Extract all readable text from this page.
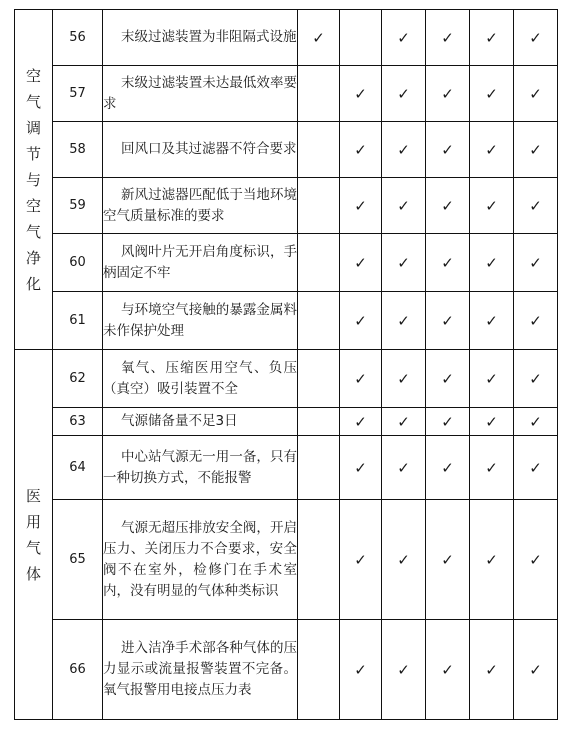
空气调节与空气净化	56	末级过滤装置为非阻隔式设施	✓		✓	✓	✓	✓
	57	末级过滤装置未达最低效率要求		✓	✓	✓	✓	✓
	58	回风口及其过滤器不符合要求		✓	✓	✓	✓	✓
	59	新风过滤器匹配低于当地环境空气质量标准的要求		✓	✓	✓	✓	✓
	60	风阀叶片无开启角度标识，手柄固定不牢		✓	✓	✓	✓	✓
	61	与环境空气接触的暴露金属料未作保护处理		✓	✓	✓	✓	✓
医用气体	62	氧气、压缩医用空气、负压（真空）吸引装置不全		✓	✓	✓	✓	✓
	63	气源储备量不足3日		✓	✓	✓	✓	✓
	64	中心站气源无一用一备，只有一种切换方式，不能报警		✓	✓	✓	✓	✓
	65	气源无超压排放安全阀，开启压力、关闭压力不合要求，安全阀不在室外，检修门在手术室内，没有明显的气体种类标识		✓	✓	✓	✓	✓
	66	进入洁净手术部各种气体的压力显示或流量报警装置不完备。氧气报警用电接点压力表		✓	✓	✓	✓	✓
